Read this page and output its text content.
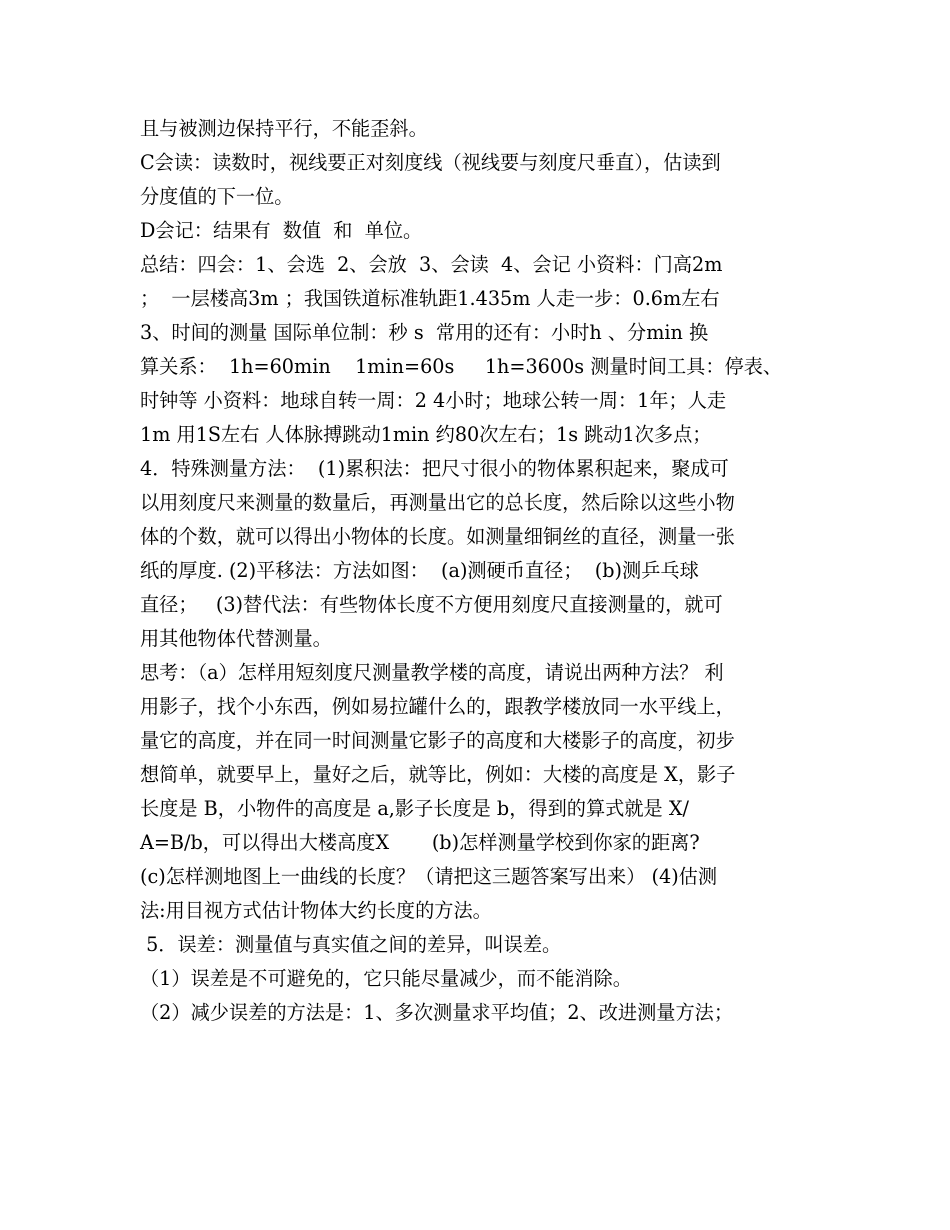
且与被测边保持平行，不能歪斜。
C会读：读数时，视线要正对刻度线（视线要与刻度尺垂直），估读到
分度值的下一位。
D会记：结果有  数值  和  单位。
总结：四会：1、会选  2、会放  3、会读  4、会记 小资料：门高2m
；  一层楼高3m ；我国铁道标准轨距1.435m 人走一步：0.6m左右
3、时间的测量 国际单位制：秒 s  常用的还有：小时h 、分min 换
算关系：  1h=60min    1min=60s     1h=3600s 测量时间工具：停表、
时钟等 小资料：地球自转一周：2 4小时；地球公转一周：1年；人走
1m 用1S左右 人体脉搏跳动1min 约80次左右；1s 跳动1次多点；
4．特殊测量方法：  (1)累积法：把尺寸很小的物体累积起来，聚成可
以用刻度尺来测量的数量后，再测量出它的总长度，然后除以这些小物
体的个数，就可以得出小物体的长度。如测量细铜丝的直径，测量一张
纸的厚度. (2)平移法：方法如图：  (a)测硬币直径；  (b)测乒乓球
直径；   (3)替代法：有些物体长度不方便用刻度尺直接测量的，就可
用其他物体代替测量。
思考：（a）怎样用短刻度尺测量教学楼的高度，请说出两种方法？ 利
用影子，找个小东西，例如易拉罐什么的，跟教学楼放同一水平线上，
量它的高度，并在同一时间测量它影子的高度和大楼影子的高度，初步
想简单，就要早上，量好之后，就等比，例如：大楼的高度是 X，影子
长度是 B，小物件的高度是 a,影子长度是 b，得到的算式就是 X/
A=B/b，可以得出大楼高度X       (b)怎样测量学校到你家的距离?
(c)怎样测地图上一曲线的长度？（请把这三题答案写出来） (4)估测
法:用目视方式估计物体大约长度的方法。
5．误差：测量值与真实值之间的差异，叫误差。
（1）误差是不可避免的，它只能尽量减少，而不能消除。
（2）减少误差的方法是：1、多次测量求平均值；2、改进测量方法；
